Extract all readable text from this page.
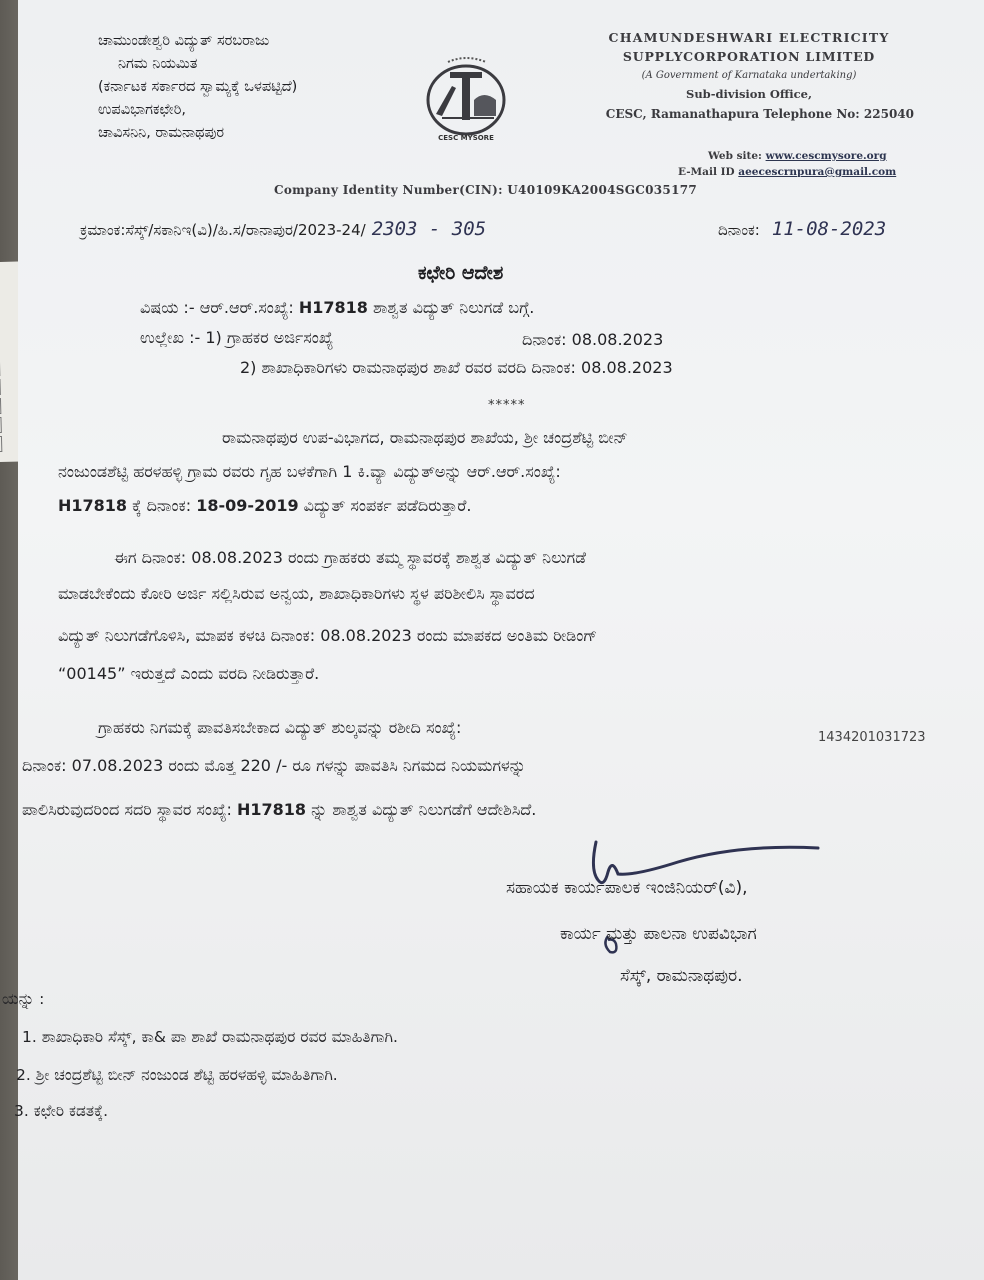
ಚಾಮುಂಡೇಶ್ವರಿ ವಿದ್ಯುತ್ ಸರಬರಾಜು
ನಿಗಮ ನಿಯಮಿತ
(ಕರ್ನಾಟಕ ಸರ್ಕಾರದ ಸ್ವಾಮ್ಯಕ್ಕೆ ಒಳಪಟ್ಟಿದೆ)
ಉಪವಿಭಾಗಕಛೇರಿ,
ಚಾವಿಸನಿನಿ, ರಾಮನಾಥಪುರ	CESC MYSORE
CHAMUNDESHWARI ELECTRICITY
SUPPLYCORPORATION LIMITED
(A Government of Karnataka undertaking)
Sub-division Office,
CESC, Ramanathapura Telephone No: 225040
Web site: www.cescmysore.org
E-Mail ID aeecescrnpura@gmail.com
Company Identity Number(CIN): U40109KA2004SGC035177
ಕ್ರಮಾಂಕ:ಸೆಸ್ಕ್/ಸಕಾನಿಇ(ವಿ)/ಹಿ.ಸ/ರಾನಾಪುರ/2023-24/ 2303 - 305	ದಿನಾಂಕ: 11-08-2023
ಕಛೇರಿ ಆದೇಶ
ವಿಷಯ :- ಆರ್.ಆರ್.ಸಂಖ್ಯೆ: H17818 ಶಾಶ್ವತ ವಿದ್ಯುತ್ ನಿಲುಗಡೆ ಬಗ್ಗೆ.
ಉಲ್ಲೇಖ :- 1) ಗ್ರಾಹಕರ ಅರ್ಜಿಸಂಖ್ಯೆ	ದಿನಾಂಕ: 08.08.2023
2) ಶಾಖಾಧಿಕಾರಿಗಳು ರಾಮನಾಥಪುರ ಶಾಖೆ ರವರ ವರದಿ ದಿನಾಂಕ: 08.08.2023
*****
ರಾಮನಾಥಪುರ ಉಪ-ವಿಭಾಗದ, ರಾಮನಾಥಪುರ ಶಾಖೆಯ, ಶ್ರೀ ಚಂದ್ರಶೆಟ್ಟಿ ಬೀನ್
ನಂಜುಂಡಶೆಟ್ಟಿ ಹರಳಹಳ್ಳಿ ಗ್ರಾಮ ರವರು ಗೃಹ ಬಳಕೆಗಾಗಿ 1 ಕಿ.ವ್ಯಾ ವಿದ್ಯುತ್‌ಅನ್ನು ಆರ್.ಆರ್.ಸಂಖ್ಯೆ:
H17818 ಕ್ಕೆ ದಿನಾಂಕ: 18-09-2019 ವಿದ್ಯುತ್ ಸಂಪರ್ಕ ಪಡೆದಿರುತ್ತಾರೆ.
ಈಗ ದಿನಾಂಕ: 08.08.2023 ರಂದು ಗ್ರಾಹಕರು ತಮ್ಮ ಸ್ಥಾವರಕ್ಕೆ ಶಾಶ್ವತ ವಿದ್ಯುತ್ ನಿಲುಗಡೆ
ಮಾಡಬೇಕೆಂದು ಕೋರಿ ಅರ್ಜಿ ಸಲ್ಲಿಸಿರುವ ಅನ್ವಯ, ಶಾಖಾಧಿಕಾರಿಗಳು ಸ್ಥಳ ಪರಿಶೀಲಿಸಿ ಸ್ಥಾವರದ
ವಿದ್ಯುತ್ ನಿಲುಗಡೆಗೊಳಿಸಿ, ಮಾಪಕ ಕಳಚಿ ದಿನಾಂಕ: 08.08.2023 ರಂದು ಮಾಪಕದ ಅಂತಿಮ ರೀಡಿಂಗ್
“00145” ಇರುತ್ತದೆ ಎಂದು ವರದಿ ನೀಡಿರುತ್ತಾರೆ.
ಗ್ರಾಹಕರು ನಿಗಮಕ್ಕೆ ಪಾವತಿಸಬೇಕಾದ ವಿದ್ಯುತ್ ಶುಲ್ಕವನ್ನು ರಶೀದಿ ಸಂಖ್ಯೆ:
1434201031723
ದಿನಾಂಕ: 07.08.2023 ರಂದು ಮೊತ್ತ 220 /- ರೂ ಗಳನ್ನು ಪಾವತಿಸಿ ನಿಗಮದ ನಿಯಮಗಳನ್ನು
ಪಾಲಿಸಿರುವುದರಿಂದ ಸದರಿ ಸ್ಥಾವರ ಸಂಖ್ಯೆ: H17818 ನ್ನು ಶಾಶ್ವತ ವಿದ್ಯುತ್ ನಿಲುಗಡೆಗೆ ಆದೇಶಿಸಿದೆ.
ಸಹಾಯಕ ಕಾರ್ಯಪಾಲಕ ಇಂಜಿನಿಯರ್(ವಿ),
ಕಾರ್ಯ ಮತ್ತು ಪಾಲನಾ ಉಪವಿಭಾಗ
ಸೆಸ್ಕ್, ರಾಮನಾಥಪುರ.
ಯನ್ನು :
1. ಶಾಖಾಧಿಕಾರಿ ಸೆಸ್ಕ್, ಕಾ& ಪಾ ಶಾಖೆ ರಾಮನಾಥಪುರ ರವರ ಮಾಹಿತಿಗಾಗಿ.
2. ಶ್ರೀ ಚಂದ್ರಶೆಟ್ಟಿ ಬೀನ್ ನಂಜುಂಡ ಶೆಟ್ಟಿ ಹರಳಹಳ್ಳಿ ಮಾಹಿತಿಗಾಗಿ.
3. ಕಛೇರಿ ಕಡತಕ್ಕೆ.
